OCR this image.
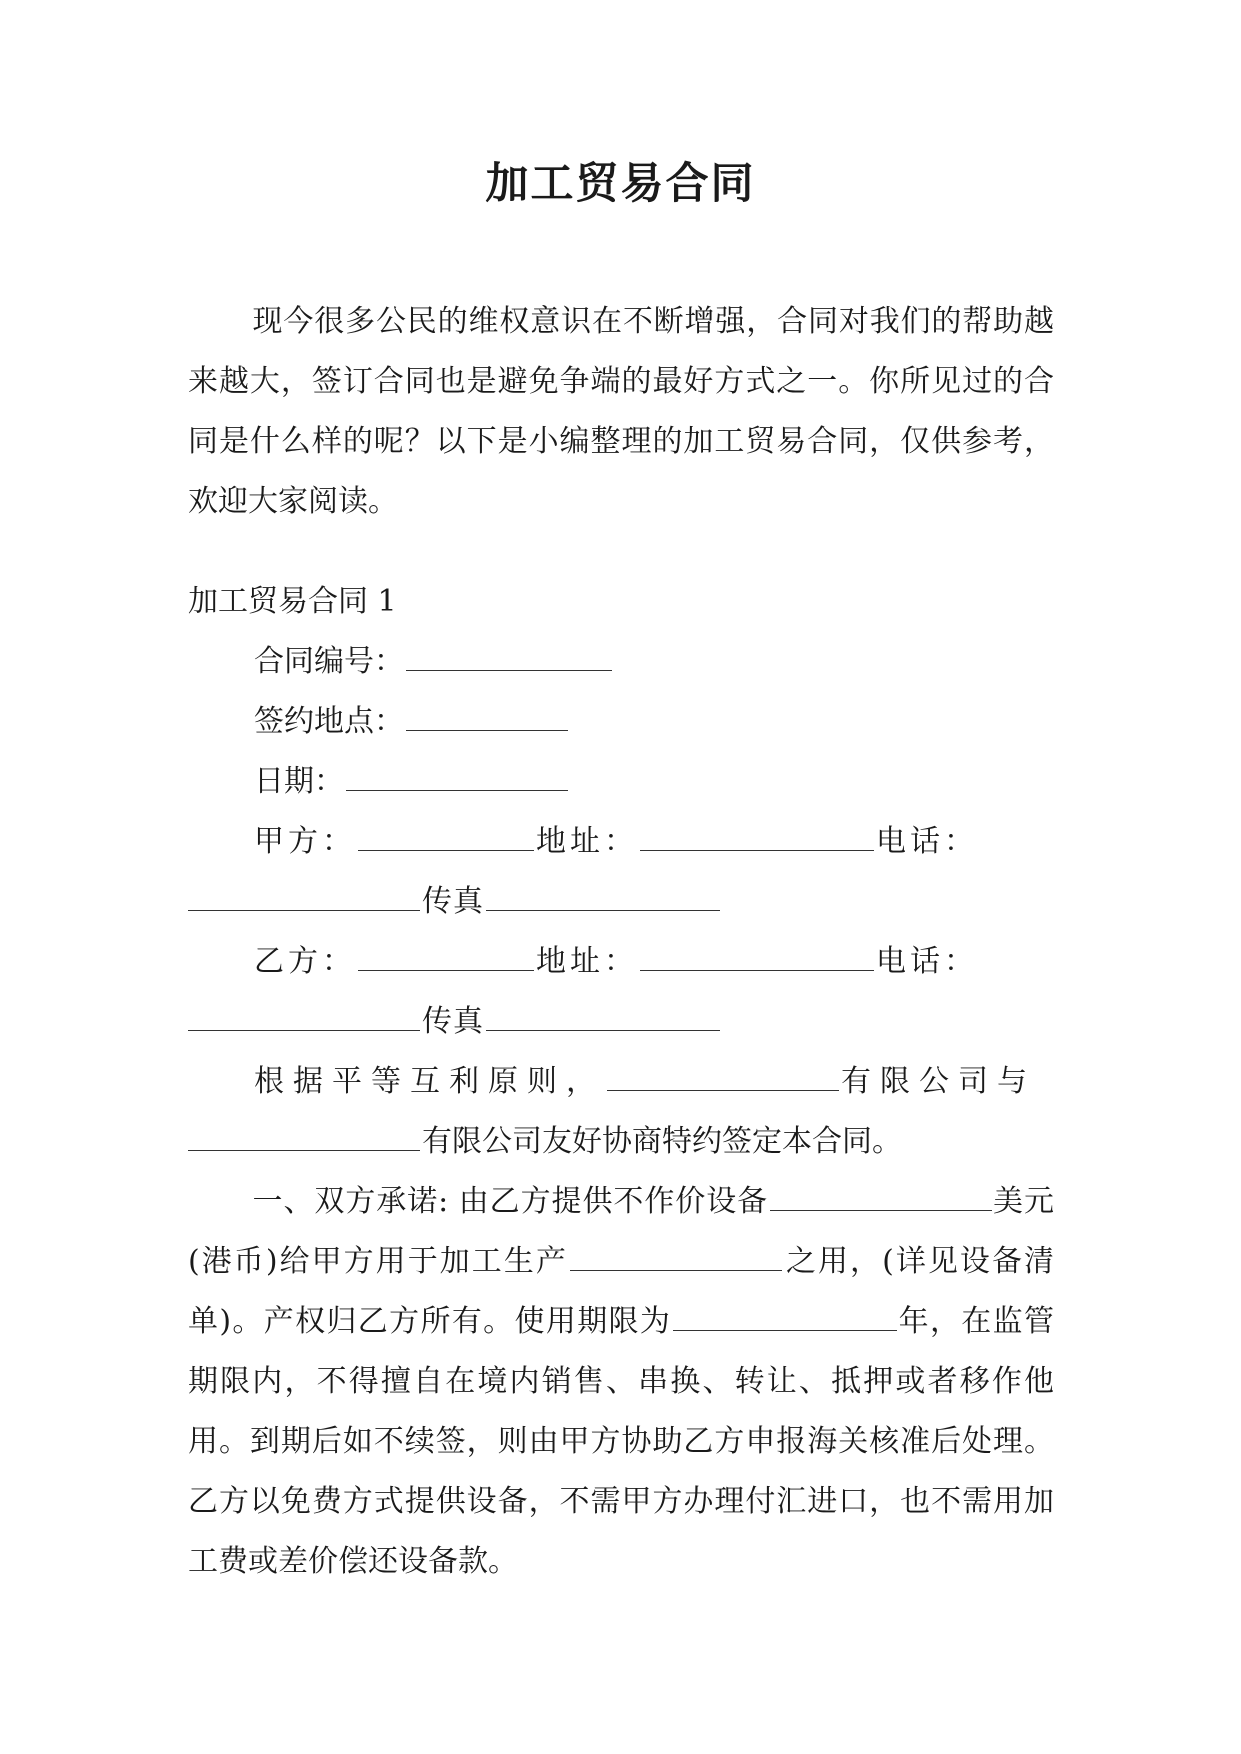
加工贸易合同

现今很多公民的维权意识在不断增强，合同对我们的帮助越来越大，签订合同也是避免争端的最好方式之一。你所见过的合同是什么样的呢？以下是小编整理的加工贸易合同，仅供参考，欢迎大家阅读。

加工贸易合同 1

合同编号：

签约地点：

日期：

甲方：	地址：	电话：

传真

乙方：	地址：	电话：

传真

根据平等互利原则，	有限公司与

有限公司友好协商特约签定本合同。

一、双方承诺: 由乙方提供不作价设备	美元(港币)给甲方用于加工生产	之用，(详见设备清单)。产权归乙方所有。使用期限为	年，在监管期限内，不得擅自在境内销售、串换、转让、抵押或者移作他用。到期后如不续签，则由甲方协助乙方申报海关核准后处理。乙方以免费方式提供设备，不需甲方办理付汇进口，也不需用加工费或差价偿还设备款。
